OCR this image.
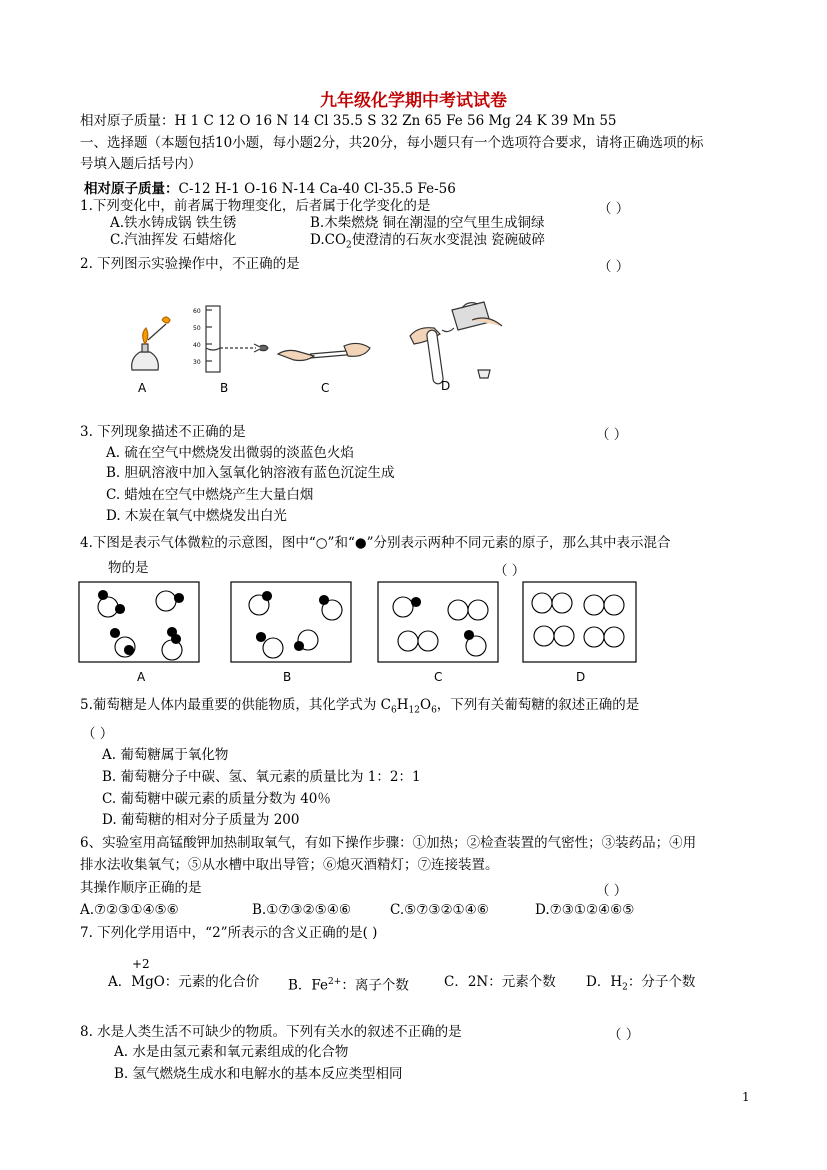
九年级化学期中考试试卷
相对原子质量：H 1 C 12 O 16 N 14 Cl 35.5 S 32 Zn 65 Fe 56 Mg 24 K 39 Mn 55
一、选择题（本题包括10小题，每小题2分，共20分，每小题只有一个选项符合要求，请将正确选项的标
号填入题后括号内）
相对原子质量：C-12 H-1 O-16 N-14 Ca-40 Cl-35.5 Fe-56
1.下列变化中，前者属于物理变化，后者属于化学变化的是	（ ）
A.铁水铸成锅 铁生锈	B.木柴燃烧 铜在潮湿的空气里生成铜绿
C.汽油挥发 石蜡熔化	$D.CO_2$使澄清的石灰水变混浊 瓷碗破碎
2. 下列图示实验操作中，不正确的是	（ ）
60
50
40
30
A	B	C	D
3. 下列现象描述不正确的是	（ ）
A. 硫在空气中燃烧发出微弱的淡蓝色火焰
B. 胆矾溶液中加入氢氧化钠溶液有蓝色沉淀生成
C. 蜡烛在空气中燃烧产生大量白烟
D. 木炭在氧气中燃烧发出白光
4.下图是表示气体微粒的示意图，图中“○”和“●”分别表示两种不同元素的原子，那么其中表示混合
物的是	（ ）
A	B	C	D
5.葡萄糖是人体内最重要的供能物质，其化学式为 $C_6H_{12}O_6$，下列有关葡萄糖的叙述正确的是
（ ）
A. 葡萄糖属于氧化物
B. 葡萄糖分子中碳、氢、氧元素的质量比为 1：2：1
C. 葡萄糖中碳元素的质量分数为 40％
D. 葡萄糖的相对分子质量为 200
6、实验室用高锰酸钾加热制取氧气，有如下操作步骤：①加热；②检查装置的气密性；③装药品；④用
排水法收集氧气；⑤从水槽中取出导管；⑥熄灭酒精灯；⑦连接装置。
其操作顺序正确的是	（ ）
A.⑦②③①④⑤⑥	B.①⑦③②⑤④⑥	C.⑤⑦③②①④⑥	D.⑦③①②④⑥⑤
7. 下列化学用语中，“2”所表示的含义正确的是( )
+2
A．MgO：元素的化合价 B．$Fe^{2+}$：离子个数	C．2N：元素个数 D．$H_2$：分子个数
8. 水是人类生活不可缺少的物质。下列有关水的叙述不正确的是	（ ）
A. 水是由氢元素和氧元素组成的化合物
B. 氢气燃烧生成水和电解水的基本反应类型相同
1
